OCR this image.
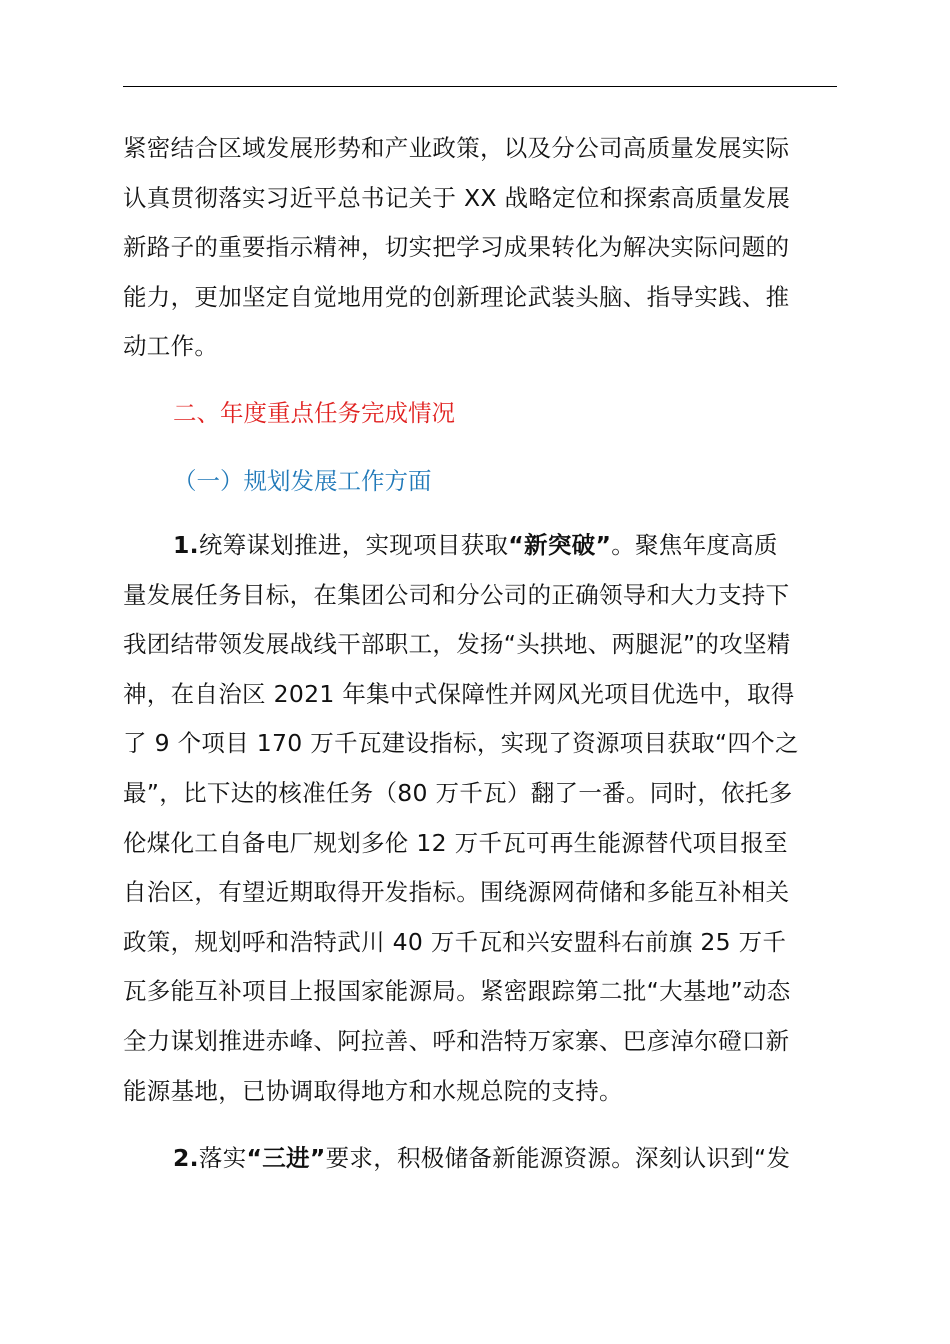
紧密结合区域发展形势和产业政策，以及分公司高质量发展实际
认真贯彻落实习近平总书记关于 XX 战略定位和探索高质量发展
新路子的重要指示精神，切实把学习成果转化为解决实际问题的
能力，更加坚定自觉地用党的创新理论武装头脑、指导实践、推
动工作。
二、年度重点任务完成情况
（一）规划发展工作方面
1.统筹谋划推进，实现项目获取“新突破”。聚焦年度高质
量发展任务目标，在集团公司和分公司的正确领导和大力支持下
我团结带领发展战线干部职工，发扬“头拱地、两腿泥”的攻坚精
神，在自治区 2021 年集中式保障性并网风光项目优选中，取得
了 9 个项目 170 万千瓦建设指标，实现了资源项目获取“四个之
最”，比下达的核准任务（80 万千瓦）翻了一番。同时，依托多
伦煤化工自备电厂规划多伦 12 万千瓦可再生能源替代项目报至
自治区，有望近期取得开发指标。围绕源网荷储和多能互补相关
政策，规划呼和浩特武川 40 万千瓦和兴安盟科右前旗 25 万千
瓦多能互补项目上报国家能源局。紧密跟踪第二批“大基地”动态
全力谋划推进赤峰、阿拉善、呼和浩特万家寨、巴彦淖尔磴口新
能源基地，已协调取得地方和水规总院的支持。
2.落实“三进”要求，积极储备新能源资源。深刻认识到“发
